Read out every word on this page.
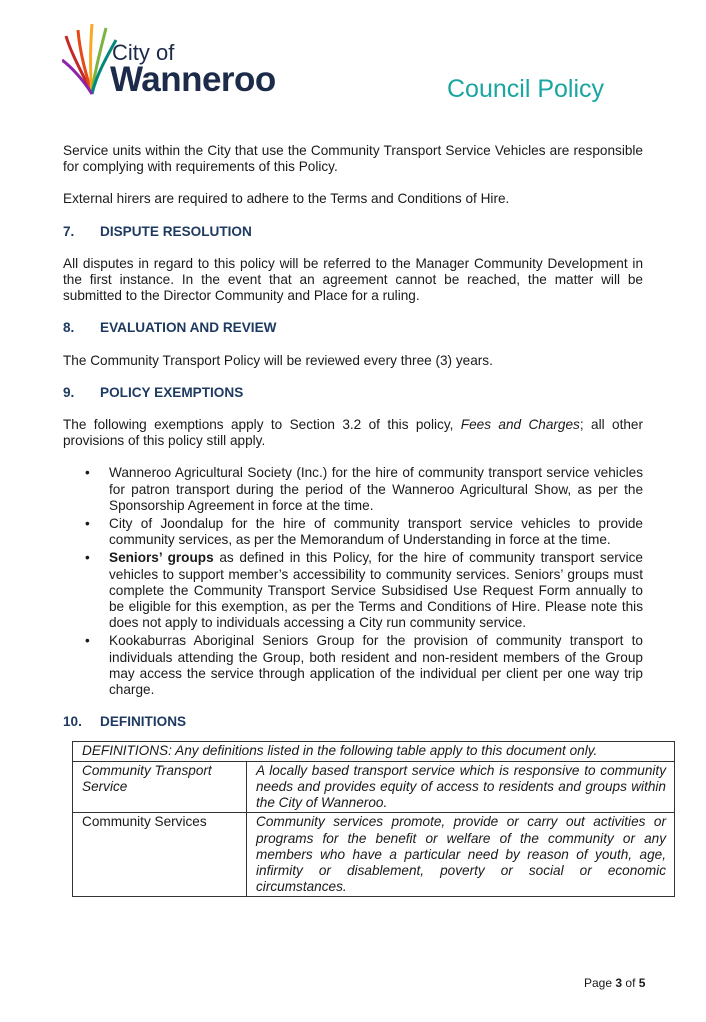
City of
Wanneroo	Council Policy

Service units within the City that use the Community Transport Service Vehicles are responsible for complying with requirements of this Policy.

External hirers are required to adhere to the Terms and Conditions of Hire.

7. DISPUTE RESOLUTION

All disputes in regard to this policy will be referred to the Manager Community Development in the first instance. In the event that an agreement cannot be reached, the matter will be submitted to the Director Community and Place for a ruling.

8. EVALUATION AND REVIEW

The Community Transport Policy will be reviewed every three (3) years.

9. POLICY EXEMPTIONS

The following exemptions apply to Section 3.2 of this policy, Fees and Charges; all other provisions of this policy still apply.

• Wanneroo Agricultural Society (Inc.) for the hire of community transport service vehicles for patron transport during the period of the Wanneroo Agricultural Show, as per the Sponsorship Agreement in force at the time.
• City of Joondalup for the hire of community transport service vehicles to provide community services, as per the Memorandum of Understanding in force at the time.
• Seniors’ groups as defined in this Policy, for the hire of community transport service vehicles to support member’s accessibility to community services. Seniors’ groups must complete the Community Transport Service Subsidised Use Request Form annually to be eligible for this exemption, as per the Terms and Conditions of Hire. Please note this does not apply to individuals accessing a City run community service.
• Kookaburras Aboriginal Seniors Group for the provision of community transport to individuals attending the Group, both resident and non-resident members of the Group may access the service through application of the individual per client per one way trip charge.
10. DEFINITIONS
DEFINITIONS: Any definitions listed in the following table apply to this document only.	
Community Transport Service	A locally based transport service which is responsive to community needs and provides equity of access to residents and groups within the City of Wanneroo.
Community Services	Community services promote, provide or carry out activities or programs for the benefit or welfare of the community or any members who have a particular need by reason of youth, age, infirmity or disablement, poverty or social or economic circumstances.
Page 3 of 5
